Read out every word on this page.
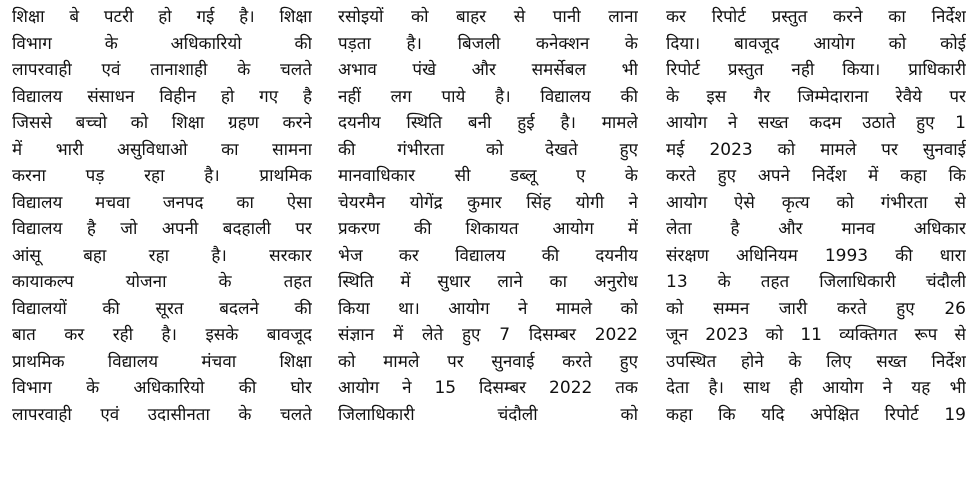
शिक्षा बे पटरी हो गई है। शिक्षा
विभाग के अधिकारियो की
लापरवाही एवं तानाशाही के चलते
विद्यालय संसाधन विहीन हो गए है
जिससे बच्चो को शिक्षा ग्रहण करने
में भारी असुविधाओ का सामना
करना पड़ रहा है। प्राथमिक
विद्यालय मचवा जनपद का ऐसा
विद्यालय है जो अपनी बदहाली पर
आंसू बहा रहा है। सरकार
कायाकल्प योजना के तहत
विद्यालयों की सूरत बदलने की
बात कर रही है। इसके बावजूद
प्राथमिक विद्यालय मंचवा शिक्षा
विभाग के अधिकारियो की घोर
लापरवाही एवं उदासीनता के चलते
रसोइयों को बाहर से पानी लाना
पड़ता है। बिजली कनेक्शन के
अभाव पंखे और समर्सेबल भी
नहीं लग पाये है। विद्यालय की
दयनीय स्थिति बनी हुई है। मामले
की गंभीरता को देखते हुए
मानवाधिकार सी डब्लू ए के
चेयरमैन योगेंद्र कुमार सिंह योगी ने
प्रकरण की शिकायत आयोग में
भेज कर विद्यालय की दयनीय
स्थिति में सुधार लाने का अनुरोध
किया था। आयोग ने मामले को
संज्ञान में लेते हुए 7 दिसम्बर 2022
को मामले पर सुनवाई करते हुए
आयोग ने 15 दिसम्बर 2022 तक
जिलाधिकारी चंदौली को
कर रिपोर्ट प्रस्तुत करने का निर्देश
दिया। बावजूद आयोग को कोई
रिपोर्ट प्रस्तुत नही किया। प्राधिकारी
के इस गैर जिम्मेदाराना रेवैये पर
आयोग ने सख्त कदम उठाते हुए 1
मई 2023 को मामले पर सुनवाई
करते हुए अपने निर्देश में कहा कि
आयोग ऐसे कृत्य को गंभीरता से
लेता है और मानव अधिकार
संरक्षण अधिनियम 1993 की धारा
13 के तहत जिलाधिकारी चंदौली
को सम्मन जारी करते हुए 26
जून 2023 को 11 व्यक्तिगत रूप से
उपस्थित होने के लिए सख्त निर्देश
देता है। साथ ही आयोग ने यह भी
कहा कि यदि अपेक्षित रिपोर्ट 19
